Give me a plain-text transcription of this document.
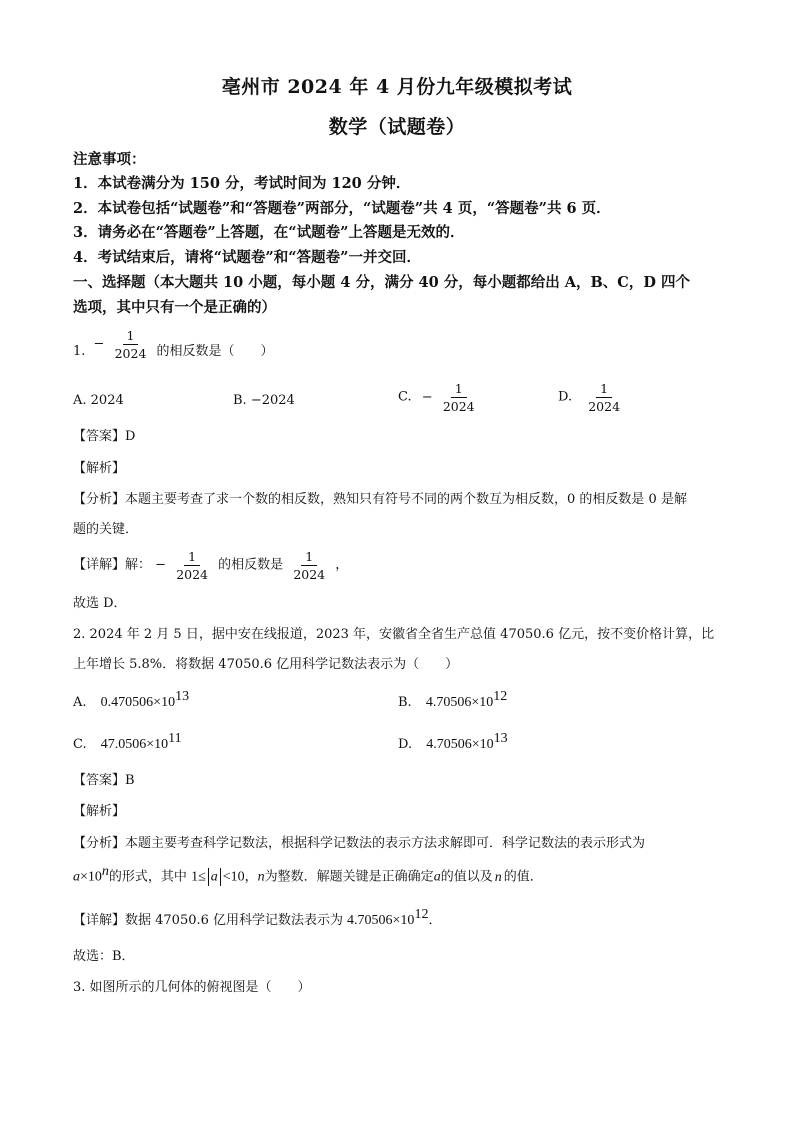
亳州市 2024 年 4 月份九年级模拟考试
数学（试题卷）
注意事项：
1．本试卷满分为 150 分，考试时间为 120 分钟．
2．本试卷包括“试题卷”和“答题卷”两部分，“试题卷”共 4 页，“答题卷”共 6 页．
3．请务必在“答题卷”上答题，在“试题卷”上答题是无效的．
4．考试结束后，请将“试题卷”和“答题卷”一并交回．
一、选择题（本大题共 10 小题，每小题 4 分，满分 40 分，每小题都给出 A，B、C，D 四个
选项，其中只有一个是正确的）
1. − $\frac{1}{2024}$ 的相反数是（　　）
A. 2024	B. −2024	C. − $\frac{1}{2024}$	D. $\frac{1}{2024}$
【答案】D
【解析】
【分析】本题主要考查了求一个数的相反数，熟知只有符号不同的两个数互为相反数，0 的相反数是 0 是解
题的关键．
【详解】解： − $\frac{1}{2024}$ 的相反数是 $\frac{1}{2024}$ ，
故选 D．
2. 2024 年 2 月 5 日，据中安在线报道，2023 年，安徽省全省生产总值 47050.6 亿元，按不变价格计算，比
上年增长 5.8%．将数据 47050.6 亿用科学记数法表示为（　　）
A. 0.470506×1013	B. 4.70506×1012
C. 47.0506×1011	D. 4.70506×1013
【答案】B
【解析】
【分析】本题主要考查科学记数法，根据科学记数法的表示方法求解即可．科学记数法的表示形式为
a×10n的形式，其中 1≤ a <10，n为整数．解题关键是正确确定a的值以及 n 的值．
【详解】数据 47050.6 亿用科学记数法表示为 4.70506×1012．
故选：B．
3. 如图所示的几何体的俯视图是（　　）
